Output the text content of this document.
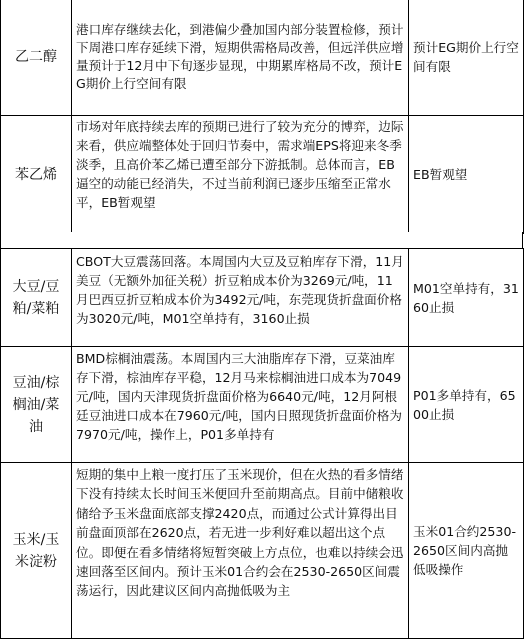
乙二醇	港口库存继续去化，到港偏少叠加国内部分装置检修，预计下周港口库存延续下滑，短期供需格局改善，但远洋供应增量预计于12月中下旬逐步显现，中期累库格局不改，预计EG期价上行空间有限	预计EG期价上行空间有限

苯乙烯	市场对年底持续去库的预期已进行了较为充分的博弈，边际来看，供应端整体处于回归节奏中，需求端EPS将迎来冬季淡季，且高价苯乙烯已遭至部分下游抵制。总体而言，EB逼空的动能已经消失，不过当前利润已逐步压缩至正常水平，EB暂观望	EB暂观望
大豆/豆粕/菜粕	CBOT大豆震荡回落。本周国内大豆及豆粕库存下滑，11月美豆（无额外加征关税）折豆粕成本价为3269元/吨，11月巴西豆折豆粕成本价为3492元/吨，东莞现货折盘面价格为3020元/吨，M01空单持有，3160止损	M01空单持有，3160止损

豆油/棕榈油/菜油	BMD棕榈油震荡。本周国内三大油脂库存下滑，豆菜油库存下滑，棕油库存平稳，12月马来棕榈油进口成本为7049元/吨，国内天津现货折盘面价格为6640元/吨，12月阿根廷豆油进口成本在7960元/吨，国内日照现货折盘面价格为7970元/吨，操作上，P01多单持有	P01多单持有，6500止损

玉米/玉米淀粉	短期的集中上粮一度打压了玉米现价，但在火热的看多情绪下没有持续太长时间玉米便回升至前期高点。目前中储粮收储给予玉米盘面底部支撑2420点，而通过公式计算得出目前盘面顶部在2620点，若无进一步利好难以超出这个点位。即便在看多情绪将短暂突破上方点位，也难以持续会迅速回落至区间内。预计玉米01合约会在2530-2650区间震荡运行，因此建议区间内高抛低吸为主	玉米01合约2530-2650区间内高抛低吸操作
